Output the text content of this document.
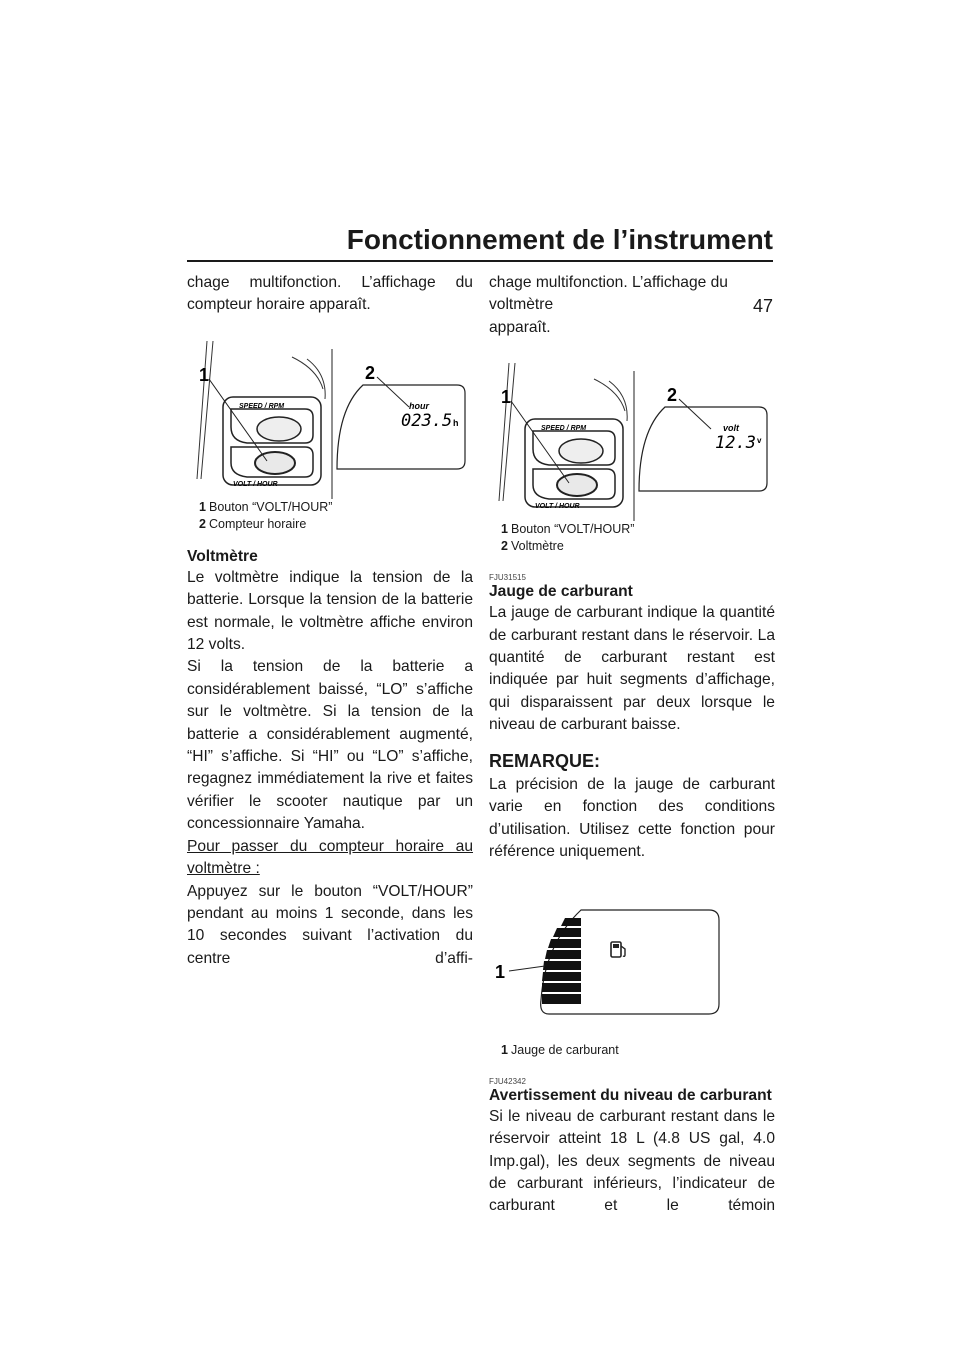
Fonctionnement de l’instrument
47

chage multifonction. L’affichage du

compteur horaire apparaît.

SPEED / RPM
VOLT / HOUR
1	2
hour
023.5 h
1 Bouton “VOLT/HOUR”
2 Compteur horaire
Voltmètre

Le voltmètre indique la tension de la batterie. Lorsque la tension de la batterie est normale, le voltmètre affiche environ 12 volts.

Si la tension de la batterie a considérablement baissé, “LO” s’affiche sur le voltmètre. Si la tension de la batterie a considérablement augmenté, “HI” s’affiche. Si “HI” ou “LO” s’affiche, regagnez immédiatement la rive et faites vérifier le scooter nautique par un concessionnaire Yamaha.

Pour passer du compteur horaire au

voltmètre :

Appuyez sur le bouton “VOLT/HOUR” pendant au moins 1 seconde, dans les 10 secondes suivant l’activation du centre d’affi-

chage multifonction. L’affichage du voltmètre

apparaît.

SPEED / RPM
VOLT / HOUR
1	2
volt
12.3 v
1 Bouton “VOLT/HOUR”
2 Voltmètre
FJU31515
Jauge de carburant

La jauge de carburant indique la quantité de carburant restant dans le réservoir. La quantité de carburant restant est indiquée par huit segments d’affichage, qui disparaissent par deux lorsque le niveau de carburant baisse.

REMARQUE:

La précision de la jauge de carburant varie en fonction des conditions d’utilisation. Utilisez cette fonction pour référence uniquement.

1
1 Jauge de carburant
FJU42342
Avertissement du niveau de carburant

Si le niveau de carburant restant dans le réservoir atteint 18 L (4.8 US gal, 4.0 Imp.gal), les deux segments de niveau de carburant inférieurs, l’indicateur de carburant et le témoin
